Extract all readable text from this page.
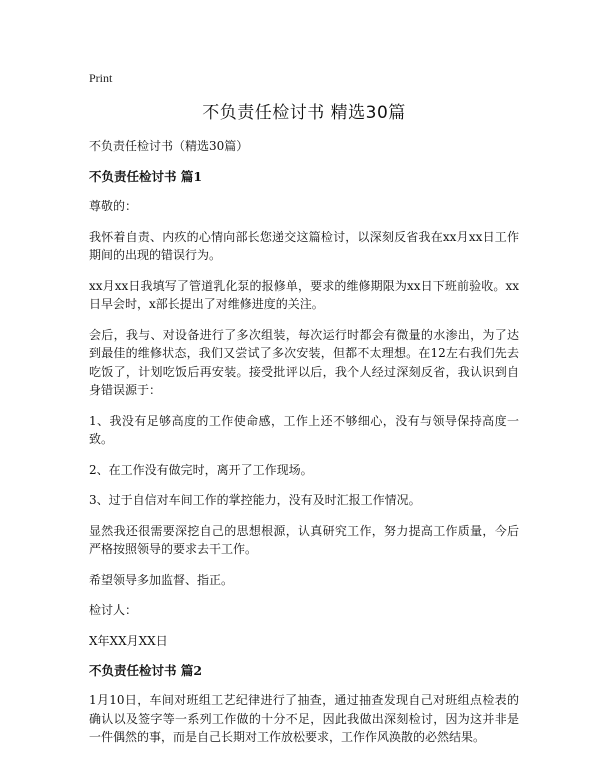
Print
不负责任检讨书 精选30篇
不负责任检讨书（精选30篇）
不负责任检讨书 篇1

尊敬的：

我怀着自责、内疚的心情向部长您递交这篇检讨，以深刻反省我在xx月xx日工作期间的出现的错误行为。

xx月xx日我填写了管道乳化泵的报修单，要求的维修期限为xx日下班前验收。xx日早会时，x部长提出了对维修进度的关注。

会后，我与、对设备进行了多次组装，每次运行时都会有微量的水渗出，为了达到最佳的维修状态，我们又尝试了多次安装，但都不太理想。在12左右我们先去吃饭了，计划吃饭后再安装。接受批评以后，我个人经过深刻反省，我认识到自身错误源于：

1、我没有足够高度的工作使命感，工作上还不够细心，没有与领导保持高度一致。

2、在工作没有做完时，离开了工作现场。

3、过于自信对车间工作的掌控能力，没有及时汇报工作情况。

显然我还很需要深挖自己的思想根源，认真研究工作，努力提高工作质量，今后严格按照领导的要求去干工作。

希望领导多加监督、指正。

检讨人：

X年XX月XX日

不负责任检讨书 篇2

1月10日，车间对班组工艺纪律进行了抽查，通过抽查发现自己对班组点检表的确认以及签字等一系列工作做的十分不足，因此我做出深刻检讨，因为这并非是一件偶然的事，而是自己长期对工作放松要求，工作作风涣散的必然结果。
